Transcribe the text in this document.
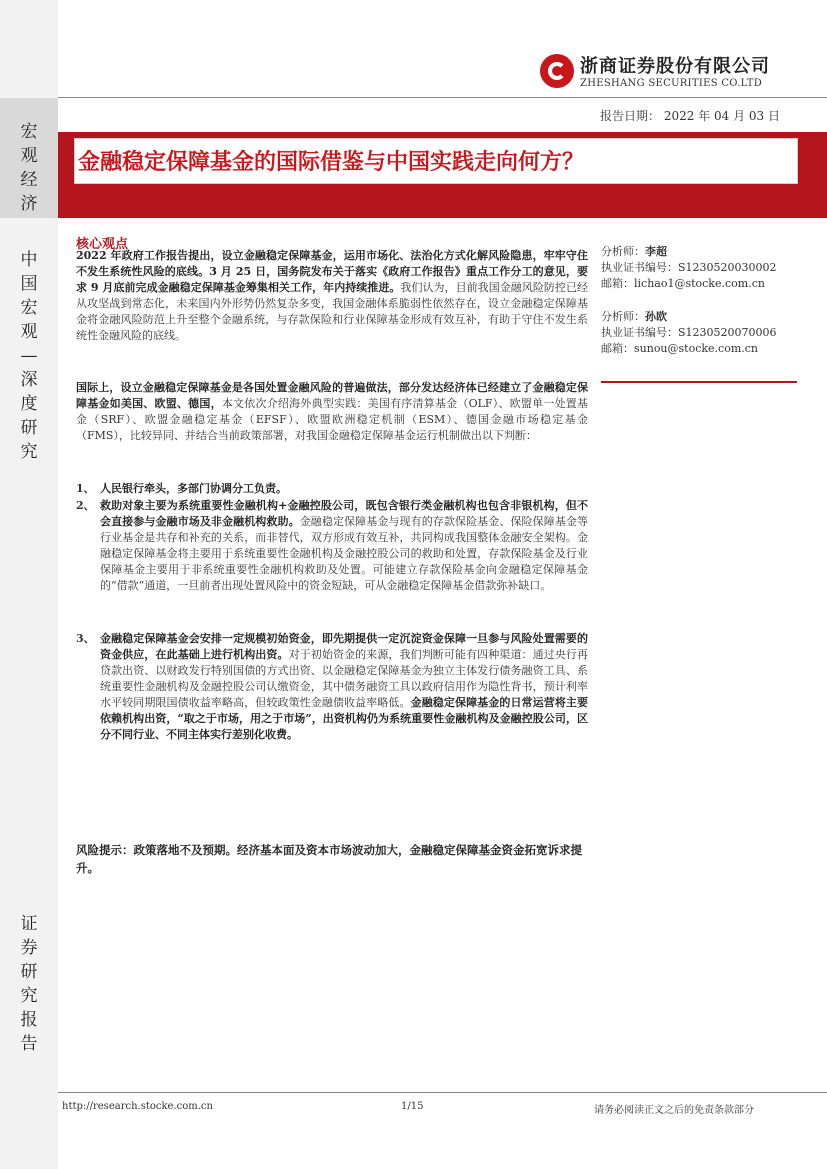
宏
观
经
济
中
国
宏
观
—
深
度
研
究
证
券
研
究
报
告
浙商证券股份有限公司
ZHESHANG SECURITIES CO.LTD
报告日期： 2022 年 04 月 03 日
金融稳定保障基金的国际借鉴与中国实践走向何方？
核心观点
2022 年政府工作报告提出，设立金融稳定保障基金，运用市场化、法治化方式化解风险隐患，牢牢守住不发生系统性风险的底线。3 月 25 日，国务院发布关于落实《政府工作报告》重点工作分工的意见，要求 9 月底前完成金融稳定保障基金筹集相关工作，年内持续推进。我们认为，目前我国金融风险防控已经从攻坚战到常态化，未来国内外形势仍然复杂多变，我国金融体系脆弱性依然存在，设立金融稳定保障基金将金融风险防范上升至整个金融系统，与存款保险和行业保障基金形成有效互补，有助于守住不发生系统性金融风险的底线。
国际上，设立金融稳定保障基金是各国处置金融风险的普遍做法，部分发达经济体已经建立了金融稳定保障基金如美国、欧盟、德国，本文依次介绍海外典型实践：美国有序清算基金（OLF）、欧盟单一处置基金（SRF）、欧盟金融稳定基金（EFSF）、欧盟欧洲稳定机制（ESM）、德国金融市场稳定基金（FMS），比较异同、并结合当前政策部署，对我国金融稳定保障基金运行机制做出以下判断：
1、 人民银行牵头，多部门协调分工负责。
2、 救助对象主要为系统重要性金融机构+金融控股公司，既包含银行类金融机构也包含非银机构，但不会直接参与金融市场及非金融机构救助。金融稳定保障基金与现有的存款保险基金、保险保障基金等行业基金是共存和补充的关系，而非替代，双方形成有效互补，共同构成我国整体金融安全架构。金融稳定保障基金将主要用于系统重要性金融机构及金融控股公司的救助和处置，存款保险基金及行业保障基金主要用于非系统重要性金融机构救助及处置。可能建立存款保险基金向金融稳定保障基金的“借款”通道，一旦前者出现处置风险中的资金短缺，可从金融稳定保障基金借款弥补缺口。
3、 金融稳定保障基金会安排一定规模初始资金，即先期提供一定沉淀资金保障一旦参与风险处置需要的资金供应，在此基础上进行机构出资。对于初始资金的来源，我们判断可能有四种渠道：通过央行再贷款出资、以财政发行特别国债的方式出资、以金融稳定保障基金为独立主体发行债务融资工具、系统重要性金融机构及金融控股公司认缴资金，其中债务融资工具以政府信用作为隐性背书，预计利率水平较同期限国债收益率略高，但较政策性金融债收益率略低。金融稳定保障基金的日常运营将主要依赖机构出资，“取之于市场，用之于市场”，出资机构仍为系统重要性金融机构及金融控股公司，区分不同行业、不同主体实行差别化收费。
分析师：李超
执业证书编号：S1230520030002
邮箱：lichao1@stocke.com.cn
分析师：孙欧
执业证书编号：S1230520070006
邮箱：sunou@stocke.com.cn
风险提示：政策落地不及预期。经济基本面及资本市场波动加大，金融稳定保障基金资金拓宽诉求提升。
http://research.stocke.com.cn	1/15	请务必阅读正文之后的免责条款部分
